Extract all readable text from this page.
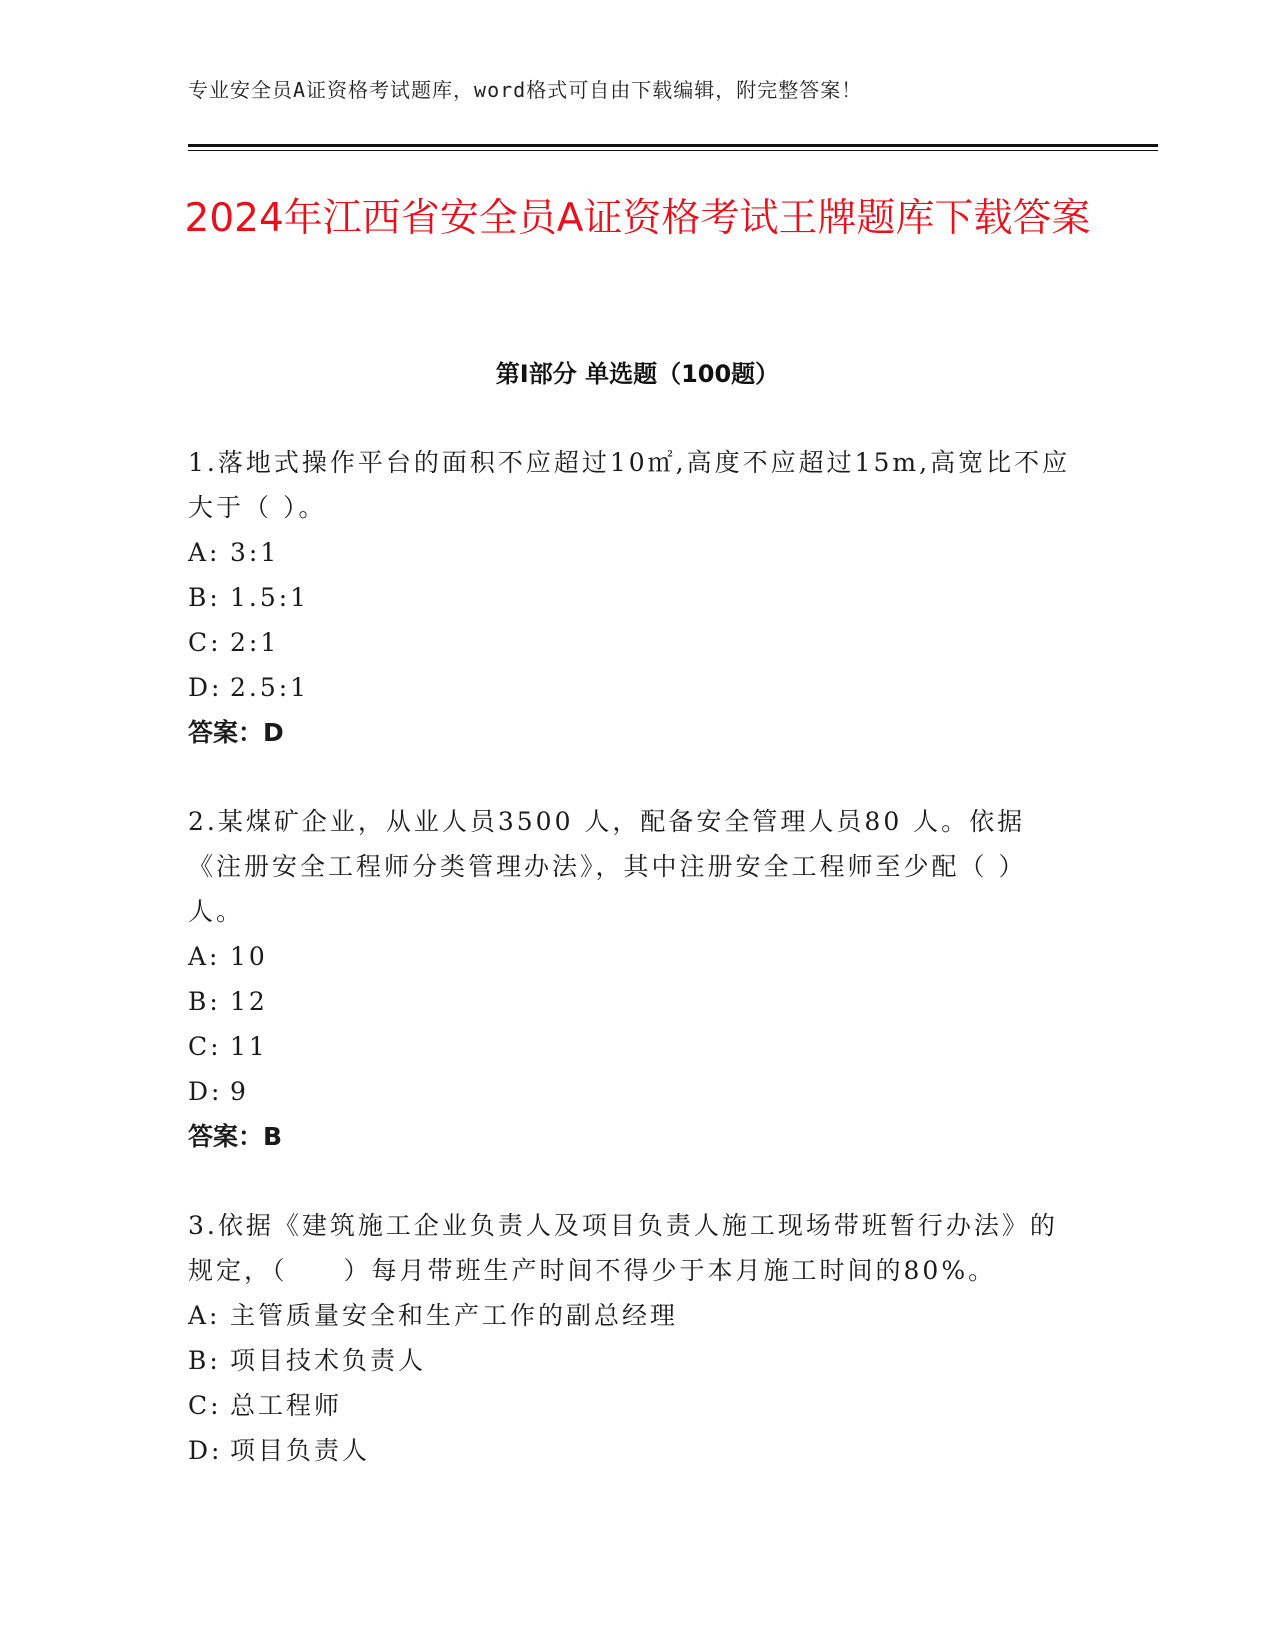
专业安全员A证资格考试题库，word格式可自由下载编辑，附完整答案！
2024年江西省安全员A证资格考试王牌题库下载答案
第Ⅰ部分 单选题（100题）

1.落地式操作平台的面积不应超过10㎡,高度不应超过15m,高宽比不应大于（ ）。

A: 3:1

B: 1.5:1

C: 2:1

D: 2.5:1

答案：D

2.某煤矿企业，从业人员3500 人，配备安全管理人员80 人。依据《注册安全工程师分类管理办法》，其中注册安全工程师至少配（ ）人。

A: 10

B: 12

C: 11

D: 9

答案：B

3.依据《建筑施工企业负责人及项目负责人施工现场带班暂行办法》的规定，（　　）每月带班生产时间不得少于本月施工时间的80%。

A: 主管质量安全和生产工作的副总经理

B: 项目技术负责人

C: 总工程师

D: 项目负责人
